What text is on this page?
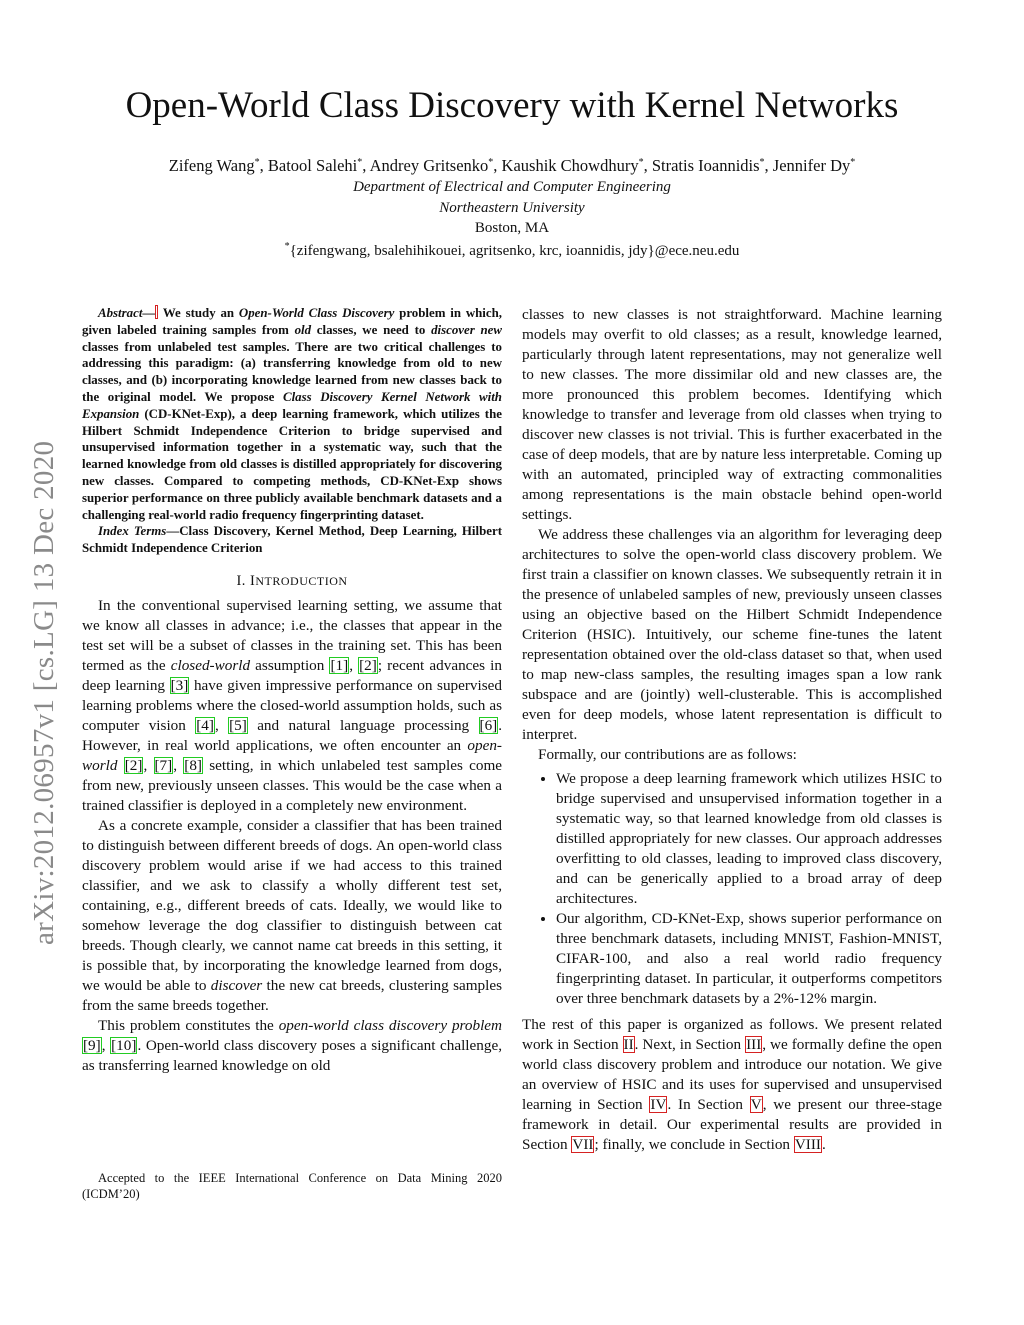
Open-World Class Discovery with Kernel Networks
Zifeng Wang*, Batool Salehi*, Andrey Gritsenko*, Kaushik Chowdhury*, Stratis Ioannidis*, Jennifer Dy*
Department of Electrical and Computer Engineering
Northeastern University
Boston, MA
*{zifengwang, bsalehihikouei, agritsenko, krc, ioannidis, jdy}@ece.neu.edu
arXiv:2012.06957v1 [cs.LG] 13 Dec 2020

Abstract— We study an Open-World Class Discovery problem in which, given labeled training samples from old classes, we need to discover new classes from unlabeled test samples. There are two critical challenges to addressing this paradigm: (a) transferring knowledge from old to new classes, and (b) incorporating knowledge learned from new classes back to the original model. We propose Class Discovery Kernel Network with Expansion (CD-KNet-Exp), a deep learning framework, which utilizes the Hilbert Schmidt Independence Criterion to bridge supervised and unsupervised information together in a systematic way, such that the learned knowledge from old classes is distilled appropriately for discovering new classes. Compared to competing methods, CD-KNet-Exp shows superior performance on three publicly available benchmark datasets and a challenging real-world radio frequency fingerprinting dataset.

Index Terms—Class Discovery, Kernel Method, Deep Learning, Hilbert Schmidt Independence Criterion

I. INTRODUCTION

In the conventional supervised learning setting, we assume that we know all classes in advance; i.e., the classes that appear in the test set will be a subset of classes in the training set. This has been termed as the closed-world assumption [1], [2]; recent advances in deep learning [3] have given impressive performance on supervised learning problems where the closed-world assumption holds, such as computer vision [4], [5] and natural language processing [6]. However, in real world applications, we often encounter an open-world [2], [7], [8] setting, in which unlabeled test samples come from new, previously unseen classes. This would be the case when a trained classifier is deployed in a completely new environment.

As a concrete example, consider a classifier that has been trained to distinguish between different breeds of dogs. An open-world class discovery problem would arise if we had access to this trained classifier, and we ask to classify a wholly different test set, containing, e.g., different breeds of cats. Ideally, we would like to somehow leverage the dog classifier to distinguish between cat breeds. Though clearly, we cannot name cat breeds in this setting, it is possible that, by incorporating the knowledge learned from dogs, we would be able to discover the new cat breeds, clustering samples from the same breeds together.

This problem constitutes the open-world class discovery problem [9], [10]. Open-world class discovery poses a significant challenge, as transferring learned knowledge on old

Accepted to the IEEE International Conference on Data Mining 2020 (ICDM’20)

classes to new classes is not straightforward. Machine learning models may overfit to old classes; as a result, knowledge learned, particularly through latent representations, may not generalize well to new classes. The more dissimilar old and new classes are, the more pronounced this problem becomes. Identifying which knowledge to transfer and leverage from old classes when trying to discover new classes is not trivial. This is further exacerbated in the case of deep models, that are by nature less interpretable. Coming up with an automated, principled way of extracting commonalities among representations is the main obstacle behind open-world settings.

We address these challenges via an algorithm for leveraging deep architectures to solve the open-world class discovery problem. We first train a classifier on known classes. We subsequently retrain it in the presence of unlabeled samples of new, previously unseen classes using an objective based on the Hilbert Schmidt Independence Criterion (HSIC). Intuitively, our scheme fine-tunes the latent representation obtained over the old-class dataset so that, when used to map new-class samples, the resulting images span a low rank subspace and are (jointly) well-clusterable. This is accomplished even for deep models, whose latent representation is difficult to interpret.

Formally, our contributions are as follows:

• We propose a deep learning framework which utilizes HSIC to bridge supervised and unsupervised information together in a systematic way, so that learned knowledge from old classes is distilled appropriately for new classes. Our approach addresses overfitting to old classes, leading to improved class discovery, and can be generically applied to a broad array of deep architectures.
• Our algorithm, CD-KNet-Exp, shows superior performance on three benchmark datasets, including MNIST, Fashion-MNIST, CIFAR-100, and also a real world radio frequency fingerprinting dataset. In particular, it outperforms competitors over three benchmark datasets by a 2%-12% margin.

The rest of this paper is organized as follows. We present related work in Section II. Next, in Section III, we formally define the open world class discovery problem and introduce our notation. We give an overview of HSIC and its uses for supervised and unsupervised learning in Section IV. In Section V, we present our three-stage framework in detail. Our experimental results are provided in Section VII; finally, we conclude in Section VIII.
